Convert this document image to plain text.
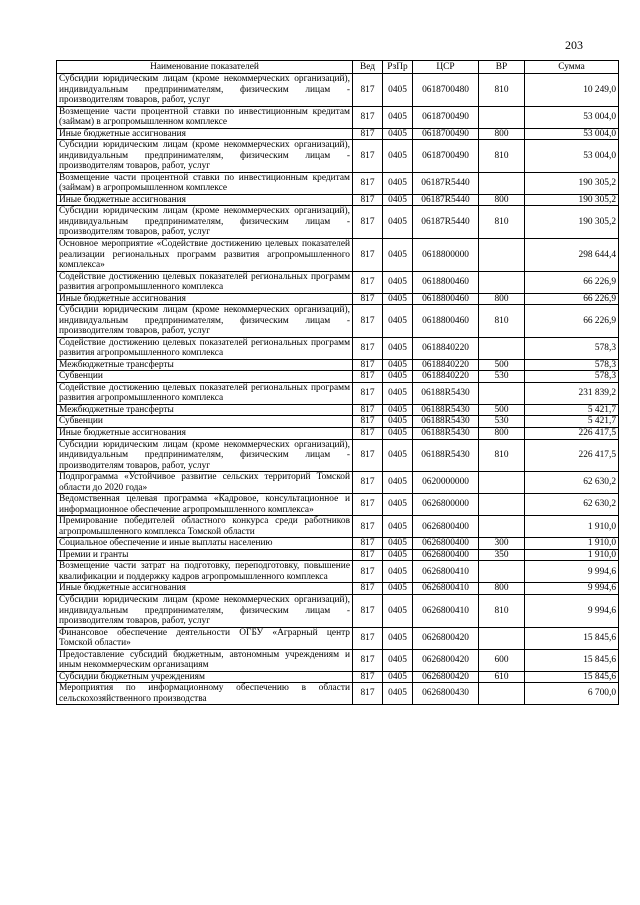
203
Наименование показателей	Вед	РзПр	ЦСР	ВР	Сумма
Субсидии юридическим лицам (кроме некоммерческих организаций), индивидуальным предпринимателям, физическим лицам - производителям товаров, работ, услуг	817	0405	0618700480	810	10 249,0
Возмещение части процентной ставки по инвестиционным кредитам (займам) в агропромышленном комплексе	817	0405	0618700490		53 004,0
Иные бюджетные ассигнования	817	0405	0618700490	800	53 004,0
Субсидии юридическим лицам (кроме некоммерческих организаций), индивидуальным предпринимателям, физическим лицам - производителям товаров, работ, услуг	817	0405	0618700490	810	53 004,0
Возмещение части процентной ставки по инвестиционным кредитам (займам) в агропромышленном комплексе	817	0405	06187R5440		190 305,2
Иные бюджетные ассигнования	817	0405	06187R5440	800	190 305,2
Субсидии юридическим лицам (кроме некоммерческих организаций), индивидуальным предпринимателям, физическим лицам - производителям товаров, работ, услуг	817	0405	06187R5440	810	190 305,2
Основное мероприятие «Содействие достижению целевых показателей реализации региональных программ развития агропромышленного комплекса»	817	0405	0618800000		298 644,4
Содействие достижению целевых показателей региональных программ развития агропромышленного комплекса	817	0405	0618800460		66 226,9
Иные бюджетные ассигнования	817	0405	0618800460	800	66 226,9
Субсидии юридическим лицам (кроме некоммерческих организаций), индивидуальным предпринимателям, физическим лицам - производителям товаров, работ, услуг	817	0405	0618800460	810	66 226,9
Содействие достижению целевых показателей региональных программ развития агропромышленного комплекса	817	0405	0618840220		578,3
Межбюджетные трансферты	817	0405	0618840220	500	578,3
Субвенции	817	0405	0618840220	530	578,3
Содействие достижению целевых показателей региональных программ развития агропромышленного комплекса	817	0405	06188R5430		231 839,2
Межбюджетные трансферты	817	0405	06188R5430	500	5 421,7
Субвенции	817	0405	06188R5430	530	5 421,7
Иные бюджетные ассигнования	817	0405	06188R5430	800	226 417,5
Субсидии юридическим лицам (кроме некоммерческих организаций), индивидуальным предпринимателям, физическим лицам - производителям товаров, работ, услуг	817	0405	06188R5430	810	226 417,5
Подпрограмма «Устойчивое развитие сельских территорий Томской области до 2020 года»	817	0405	0620000000		62 630,2
Ведомственная целевая программа «Кадровое, консультационное и информационное обеспечение агропромышленного комплекса»	817	0405	0626800000		62 630,2
Премирование победителей областного конкурса среди работников агропромышленного комплекса Томской области	817	0405	0626800400		1 910,0
Социальное обеспечение и иные выплаты населению	817	0405	0626800400	300	1 910,0
Премии и гранты	817	0405	0626800400	350	1 910,0
Возмещение части затрат на подготовку, переподготовку, повышение квалификации и поддержку кадров агропромышленного комплекса	817	0405	0626800410		9 994,6
Иные бюджетные ассигнования	817	0405	0626800410	800	9 994,6
Субсидии юридическим лицам (кроме некоммерческих организаций), индивидуальным предпринимателям, физическим лицам - производителям товаров, работ, услуг	817	0405	0626800410	810	9 994,6
Финансовое обеспечение деятельности ОГБУ «Аграрный центр Томской области»	817	0405	0626800420		15 845,6
Предоставление субсидий бюджетным, автономным учреждениям и иным некоммерческим организациям	817	0405	0626800420	600	15 845,6
Субсидии бюджетным учреждениям	817	0405	0626800420	610	15 845,6
Мероприятия по информационному обеспечению в области сельскохозяйственного производства	817	0405	0626800430		6 700,0
